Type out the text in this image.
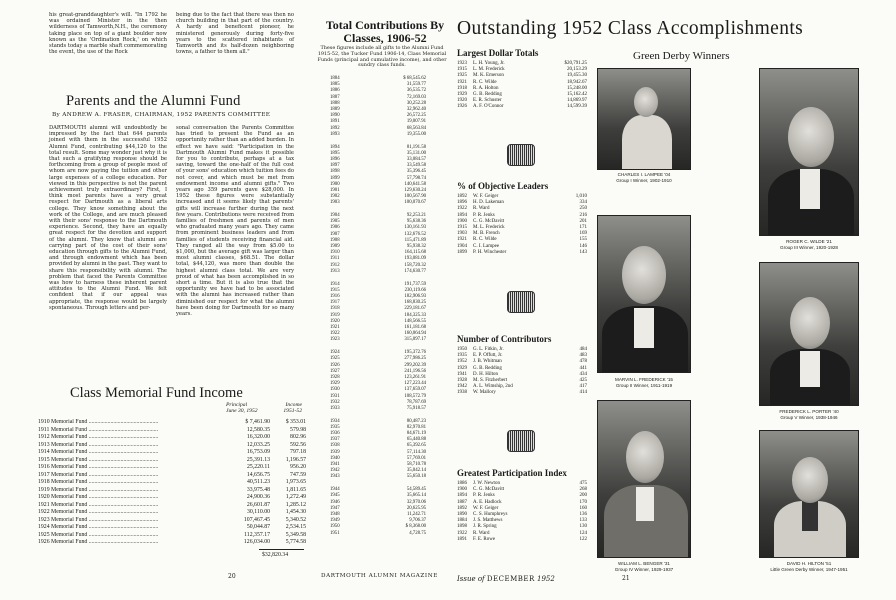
his great-granddaughter's will. "In 1792 he was ordained Minister in the then wilderness of Tamworth,N.H., the ceremony taking place on top of a giant boulder now known as the 'Ordination Rock,' on which stands today a marble shaft commemorating the event, the use of the Rock
being due to the fact that there was then no church building in that part of the country. A hardy and beneficent pioneer, he ministered generously during forty-five years to the scattered inhabitants of Tamworth and its half-dozen neighboring towns, a father to them all."
Parents and the Alumni Fund
By ANDREW A. FRASER, CHAIRMAN, 1952 PARENTS COMMITTEE
DARTMOUTH alumni will undoubtedly be impressed by the fact that 644 parents joined with them in the successful 1952 Alumni Fund, contributing $44,120 to the total result. Some may wonder just why it is that such a gratifying response should be forthcoming from a group of people most of whom are now paying the tuition and other large expenses of a college education. For viewed in this perspective is not the parent achievement truly extraordinary? First, I think most parents have a very great respect for Dartmouth as a liberal arts college. They know something about the work of the College, and are much pleased with their sons' response to the Dartmouth experience. Second, they have an equally great respect for the devotion and support of the alumni. They know that alumni are carrying part of the cost of their sons' education through gifts to the Alumni Fund, and through endowment which has been provided by alumni in the past. They want to share this responsibility with alumni. The problem that faced the Parents Committee was how to harness these inherent parent attitudes to the Alumni Fund. We felt confident that if our appeal was appropriate, the response would be largely spontaneous. Through letters and per-
sonal conversation the Parents Committee has tried to present the Fund as an opportunity rather than an added burden. In effect we have said: "Participation in the Dartmouth Alumni Fund makes it possible for you to contribute, perhaps at a tax saving, toward the one-half of the full cost of your sons' education which tuition fees do not cover, and which must be met from endowment income and alumni gifts." Two years ago 359 parents gave $28,000. In 1952 these figures were substantially increased and it seems likely that parents' gifts will increase further during the next few years. Contributions were received from families of freshmen and parents of men who graduated many years ago. They came from prominent business leaders and from families of students receiving financial aid. They ranged all the way from $5.00 to $1,000, but the average gift was larger than most alumni classes, $68.51. The dollar total, $44,120, was more than double the highest alumni class total. We are very proud of what has been accomplished in so short a time. But it is also true that the opportunity we have had to be associated with the alumni has increased rather than diminished our respect for what the alumni have been doing for Dartmouth for so many years.
Class Memorial Fund Income
Principal	Income
June 30, 1952	1951-52
1910 Memorial Fund ................................................	$ 7,461.90	$ 353.01
1911 Memorial Fund ................................................	12,580.35	579.98
1912 Memorial Fund ................................................	16,320.00	802.96
1913 Memorial Fund ................................................	12,033.25	592.56
1914 Memorial Fund ................................................	16,753.09	797.18
1915 Memorial Fund ................................................	25,391.13	1,196.57
1916 Memorial Fund ................................................	25,220.11	956.20
1917 Memorial Fund ................................................	14,656.75	747.59
1918 Memorial Fund ................................................	40,511.23	1,973.65
1919 Memorial Fund ................................................	33,975.48	1,811.65
1920 Memorial Fund ................................................	24,900.36	1,272.49
1921 Memorial Fund ................................................	26,601.87	1,285.12
1922 Memorial Fund ................................................	30,110.00	1,454.30
1923 Memorial Fund ................................................	107,467.45	5,340.52
1924 Memorial Fund ................................................	50,044.87	2,534.15
1925 Memorial Fund ................................................	112,357.17	5,349.58
1926 Memorial Fund ................................................	126,034.00	5,774.58
$32,820.34
20
Total Contributions By Classes, 1906-52
These figures include all gifts to the Alumni Fund 1915-52, the Tucker Fund 1906-14, Class Memorial Funds (principal and cumulative income), and other sundry class funds.
1884	$ 68,545.62
1885	31,559.77
1886	36,535.72
1887	72,169.03
1888	30,252.28
1889	32,962.40
1890	26,572.25
1891	19,007.91
1892	68,563.84
1893	19,355.00
1894	81,191.58
1895	35,131.00
1896	33,084.57
1897	33,549.58
1898	35,396.45
1899	57,798.74
1900	140,641.58
1901	129,630.24
1902	100,567.90
1903	100,070.67
1904	92,253.21
1905	95,638.36
1906	130,161.93
1907	132,676.52
1908	115,471.89
1909	95,938.32
1910	164,115.68
1911	193,081.09
1912	158,720.32
1913	174,630.77
1914	191,737.59
1915	230,119.66
1916	182,906.93
1917	168,830.25
1918	229,181.67
1919	184,325.33
1920	148,566.55
1921	161,181.68
1922	160,064.94
1923	315,097.17
1924	195,372.76
1925	277,986.25
1926	299,202.39
1927	241,196.56
1928	123,261.91
1929	127,223.44
1930	137,659.07
1931	108,572.79
1932	78,787.69
1933	75,918.57
1934	80,487.23
1935	82,970.81
1936	84,671.19
1937	65,440.88
1938	65,392.65
1939	57,114.30
1940	57,769.01
1941	58,710.78
1942	35,042.14
1943	55,650.18
1944	54,589.45
1945	35,665.14
1946	32,970.06
1947	20,625.95
1948	11,242.71
1949	9,706.37
1950	$ 8,368.00
1951	4,728.75
DARTMOUTH ALUMNI MAGAZINE
Outstanding 1952 Class Accomplishments
Green Derby Winners
Largest Dollar Totals
1923 L. H. Young, Jr.	$20,791.25
1915 L. M. Frederick	20,153.29
1925 M. K. Emerson	19,455.30
1921 R. C. Wilde	18,942.67
1918 R. A. Holton	15,248.00
1929 G. B. Redding	15,162.42
1920 E. R. Schuster	14,869.97
1926 A. F. O'Connor	14,599.39
% of Objective Leaders
1892 W. F. Geiger	1,010
1896 H. D. Lakeman	334
1922 R. Ward	250
1894 P. R. Jenks	216
1900 C. G. McDavitt	201
1915 M. L. Frederick	171
1903 M. B. French	169
1921 R. C. Wilde	155
1904 C. I. Lampee	146
1899 P. H. Winchester	143
Number of Contributors
1950 G. L. Fitkin, Jr.	484
1935 E. P. Offutt, Jr.	483
1952 J. B. Whitman	478
1929 G. B. Redding	441
1941 D. H. Hilton	434
1928 M. S. Fitzherbert	425
1942 A. L. Wimship, 2nd	417
1938 W. Mallory	414
Greatest Participation Index
1886 J. W. Newton	475
1900 C. G. McDavitt	268
1894 P. R. Jenks	200
1887 A. E. Hadlock	170
1892 W. F. Geiger	160
1890 C. S. Humphreys	136
1884 J. S. Matthews	133
1898 J. R. Spring	130
1922 R. Ward	124
1891 F. E. Rowe	122
CHARLES I. LAMPEE '04
Group I Winner, 1902-1910
ROGER C. WILDE '21
Group III Winner, 1920-1928
MARVIN L. FREDERICK '15
Group II Winner, 1911-1919
FREDERICK L. PORTER '40
Group V Winner, 1938-1946
WILLIAM L. BENGER '31
Group IV Winner, 1929-1937
DAVID H. HILTON '51
Little Green Derby Winner, 1947-1951
Issue of DECEMBER 1952	21
